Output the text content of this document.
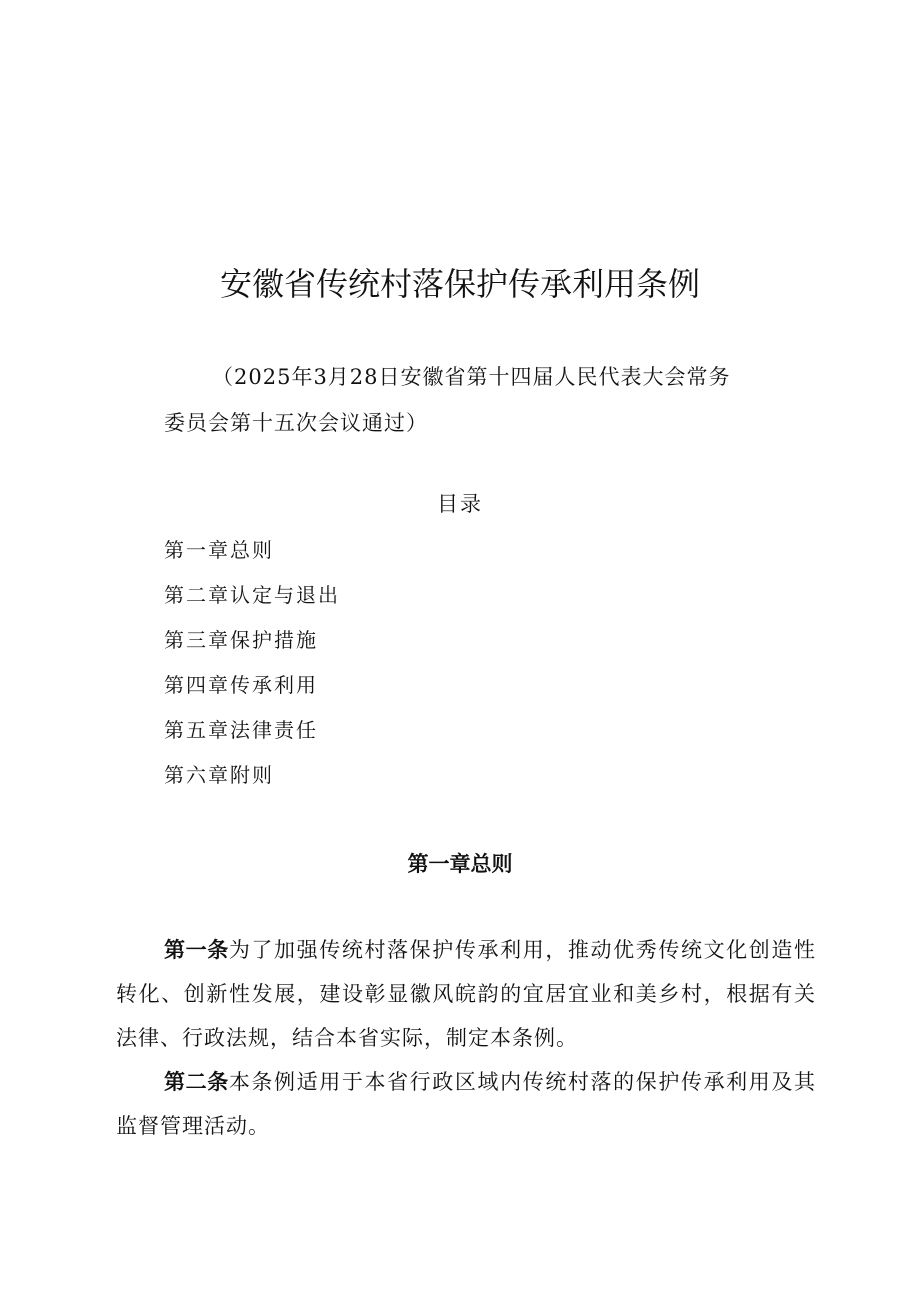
安徽省传统村落保护传承利用条例

（2025年3月28日安徽省第十四届人民代表大会常务委员会第十五次会议通过）

目录
第一章总则
第二章认定与退出
第三章保护措施
第四章传承利用
第五章法律责任
第六章附则
第一章总则

第一条为了加强传统村落保护传承利用，推动优秀传统文化创造性转化、创新性发展，建设彰显徽风皖韵的宜居宜业和美乡村，根据有关法律、行政法规，结合本省实际，制定本条例。

第二条本条例适用于本省行政区域内传统村落的保护传承利用及其监督管理活动。
